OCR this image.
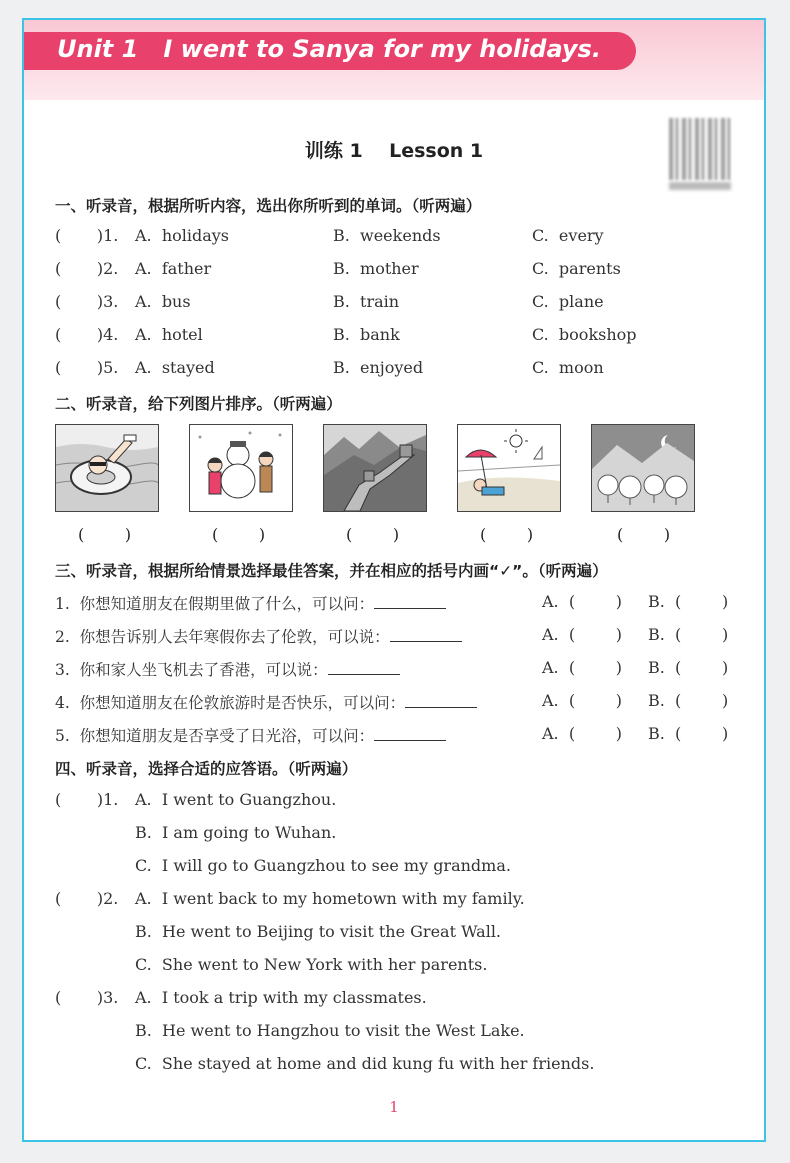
Unit 1   I went to Sanya for my holidays.
训练 1    Lesson 1
一、听录音，根据所听内容，选出你所听到的单词。（听两遍）
(       )1. A.  holidays	B.  weekends	C.  every
(       )2. A.  father	B.  mother	C.  parents
(       )3. A.  bus	B.  train	C.  plane
(       )4. A.  hotel	B.  bank	C.  bookshop
(       )5. A.  stayed	B.  enjoyed	C.  moon
二、听录音，给下列图片排序。（听两遍）
(        )	(        )	(        )	(        )	(        )
三、听录音，根据所给情景选择最佳答案，并在相应的括号内画“✓”。（听两遍）
1.  你想知道朋友在假期里做了什么，可以问：	A.  (        ) B.  (        )
2.  你想告诉别人去年寒假你去了伦敦，可以说：	A.  (        ) B.  (        )
3.  你和家人坐飞机去了香港，可以说：	A.  (        ) B.  (        )
4.  你想知道朋友在伦敦旅游时是否快乐，可以问：	A.  (        ) B.  (        )
5.  你想知道朋友是否享受了日光浴，可以问：	A.  (        ) B.  (        )
四、听录音，选择合适的应答语。（听两遍）
(       )1. A.  I went to Guangzhou.
B.  I am going to Wuhan.
C.  I will go to Guangzhou to see my grandma.
(       )2. A.  I went back to my hometown with my family.
B.  He went to Beijing to visit the Great Wall.
C.  She went to New York with her parents.
(       )3. A.  I took a trip with my classmates.
B.  He went to Hangzhou to visit the West Lake.
C.  She stayed at home and did kung fu with her friends.
1
